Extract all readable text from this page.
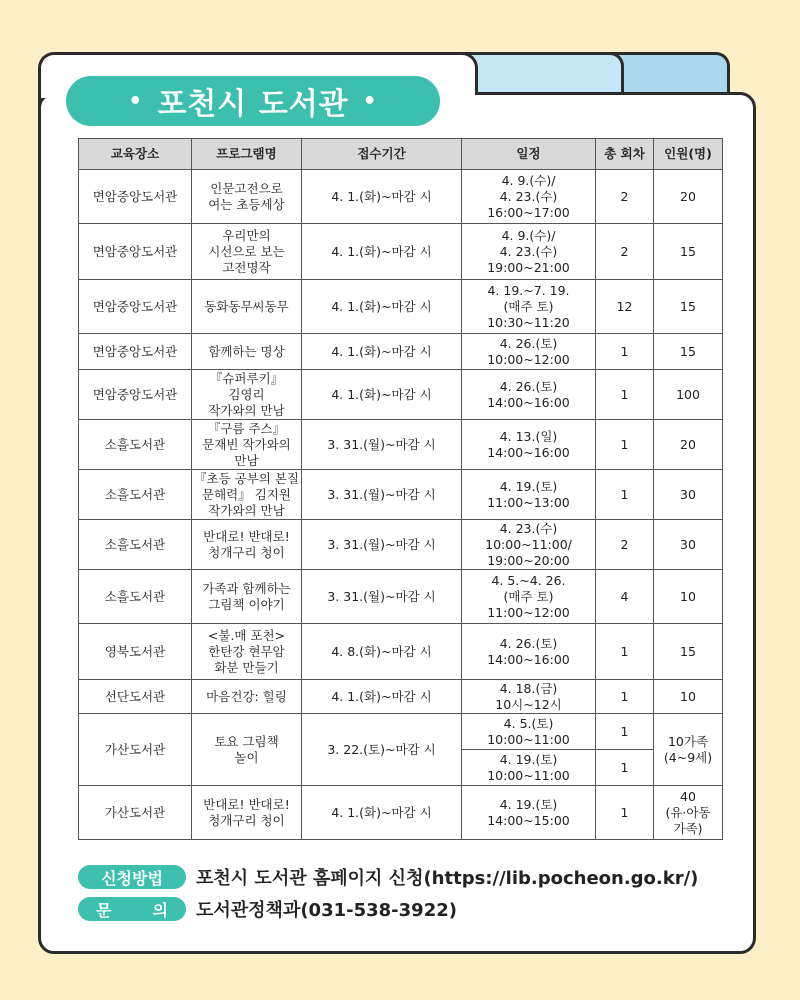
• 포천시 도서관 •
교육장소	프로그램명	접수기간	일정	총 회차	인원(명)
면암중앙도서관	인문고전으로
여는 초등세상	4. 1.(화)~마감 시	4. 9.(수)/
4. 23.(수)
16:00~17:00	2	20
면암중앙도서관	우리만의
시선으로 보는
고전명작	4. 1.(화)~마감 시	4. 9.(수)/
4. 23.(수)
19:00~21:00	2	15
면암중앙도서관	동화동무씨동무	4. 1.(화)~마감 시	4. 19.~7. 19.
(매주 토)
10:30~11:20	12	15
면암중앙도서관	함께하는 명상	4. 1.(화)~마감 시	4. 26.(토)
10:00~12:00	1	15
면암중앙도서관	『슈퍼루키』
김영리
작가와의 만남	4. 1.(화)~마감 시	4. 26.(토)
14:00~16:00	1	100
소흘도서관	『구름 주스』
문재빈 작가와의
만남	3. 31.(월)~마감 시	4. 13.(일)
14:00~16:00	1	20
소흘도서관	『초등 공부의 본질
문해력』 김지원
작가와의 만남	3. 31.(월)~마감 시	4. 19.(토)
11:00~13:00	1	30
소흘도서관	반대로! 반대로!
청개구리 청이	3. 31.(월)~마감 시	4. 23.(수)
10:00~11:00/
19:00~20:00	2	30
소흘도서관	가족과 함께하는
그림책 이야기	3. 31.(월)~마감 시	4. 5.~4. 26.
(매주 토)
11:00~12:00	4	10
영북도서관	<불.매 포천>
한탄강 현무암
화분 만들기	4. 8.(화)~마감 시	4. 26.(토)
14:00~16:00	1	15
선단도서관	마음건강: 힐링	4. 1.(화)~마감 시	4. 18.(금)
10시~12시	1	10
가산도서관	토요 그림책
놀이	3. 22.(토)~마감 시	4. 5.(토)
10:00~11:00	1	10가족
(4~9세)
			4. 19.(토)
10:00~11:00	1	
가산도서관	반대로! 반대로!
청개구리 청이	4. 1.(화)~마감 시	4. 19.(토)
14:00~15:00	1	40
(유·아동
가족)
신청방법	포천시 도서관 홈페이지 신청(https://lib.pocheon.go.kr/)
문	의 도서관정책과(031-538-3922)
